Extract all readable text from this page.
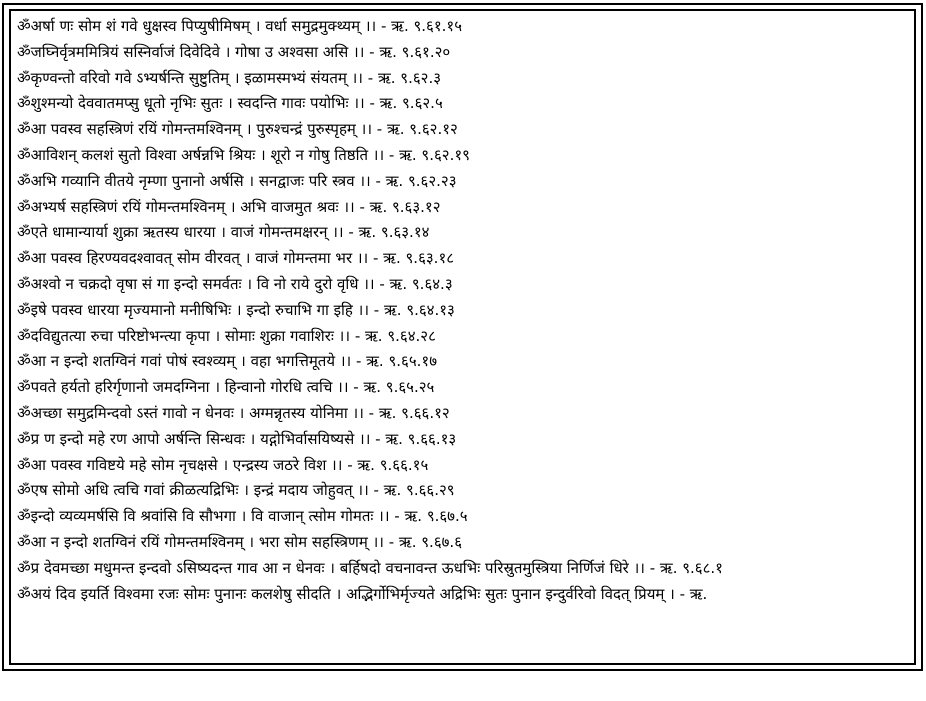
ॐअर्षा णः सोम शं गवे धुक्षस्व पिप्युषीमिषम् । वर्धा समुद्रमुक्थ्यम् ।। - ऋ. ९.६१.१५
ॐजघ्निर्वृत्रममित्रियं सस्निर्वाजं दिवेदिवे । गोषा उ अश्वसा असि ।। - ऋ. ९.६१.२०
ॐकृण्वन्तो वरिवो गवे ऽभ्यर्षन्ति सुष्टुतिम् । इळामस्मभ्यं संयतम् ।। - ऋ. ९.६२.३
ॐशुश्मन्यो देववातमप्सु धूतो नृभिः सुतः । स्वदन्ति गावः पयोभिः ।। - ऋ. ९.६२.५
ॐआ पवस्व सहस्त्रिणं रयिं गोमन्तमश्विनम् । पुरुश्चन्द्रं पुरुस्पृहम् ।। - ऋ. ९.६२.१२
ॐआविशन् कलशं सुतो विश्वा अर्षन्नभि श्रियः । शूरो न गोषु तिष्ठति ।। - ऋ. ९.६२.१९
ॐअभि गव्यानि वीतये नृम्णा पुनानो अर्षसि । सनद्वाजः परि स्त्रव ।। - ऋ. ९.६२.२३
ॐअभ्यर्ष सहस्त्रिणं रयिं गोमन्तमश्विनम् । अभि वाजमुत श्रवः ।। - ऋ. ९.६३.१२
ॐएते धामान्यार्या शुक्रा ऋतस्य धारया । वाजं गोमन्तमक्षरन् ।। - ऋ. ९.६३.१४
ॐआ पवस्व हिरण्यवदश्वावत् सोम वीरवत् । वाजं गोमन्तमा भर ।। - ऋ. ९.६३.१८
ॐअश्वो न चक्रदो वृषा सं गा इन्दो समर्वतः । वि नो राये दुरो वृधि ।। - ऋ. ९.६४.३
ॐइषे पवस्व धारया मृज्यमानो मनीषिभिः । इन्दो रुचाभि गा इहि ।। - ऋ. ९.६४.१३
ॐदविद्युतत्या रुचा परिष्टोभन्त्या कृपा । सोमाः शुक्रा गवाशिरः ।। - ऋ. ९.६४.२८
ॐआ न इन्दो शतग्विनं गवां पोषं स्वश्व्यम् । वहा भगत्तिमूतये ।। - ऋ. ९.६५.१७
ॐपवते हर्यतो हरिर्गृणानो जमदग्निना । हिन्वानो गोरधि त्वचि ।। - ऋ. ९.६५.२५
ॐअच्छा समुद्रमिन्दवो ऽस्तं गावो न धेनवः । अग्मन्नृतस्य योनिमा ।। - ऋ. ९.६६.१२
ॐप्र ण इन्दो महे रण आपो अर्षन्ति सिन्धवः । यद्गोभिर्वासयिष्यसे ।। - ऋ. ९.६६.१३
ॐआ पवस्व गविष्टये महे सोम नृचक्षसे । एन्द्रस्य जठरे विश ।। - ऋ. ९.६६.१५
ॐएष सोमो अधि त्वचि गवां क्रीळत्यद्रिभिः । इन्द्रं मदाय जोहुवत् ।। - ऋ. ९.६६.२९
ॐइन्दो व्यव्यमर्षसि वि श्रवांसि वि सौभगा । वि वाजान् त्सोम गोमतः ।। - ऋ. ९.६७.५
ॐआ न इन्दो शतग्विनं रयिं गोमन्तमश्विनम् । भरा सोम सहस्त्रिणम् ।। - ऋ. ९.६७.६
ॐप्र देवमच्छा मधुमन्त इन्दवो ऽसिष्यदन्त गाव आ न धेनवः । बर्हिषदो वचनावन्त ऊधभिः परिस्रुतमुस्त्रिया निर्णिजं धिरे ।। - ऋ. ९.६८.१
ॐअयं दिव इयर्ति विश्वमा रजः सोमः पुनानः कलशेषु सीदति । अद्भिर्गोभिर्मृज्यते अद्रिभिः सुतः पुनान इन्दुर्वरिवो विदत् प्रियम् । - ऋ.
